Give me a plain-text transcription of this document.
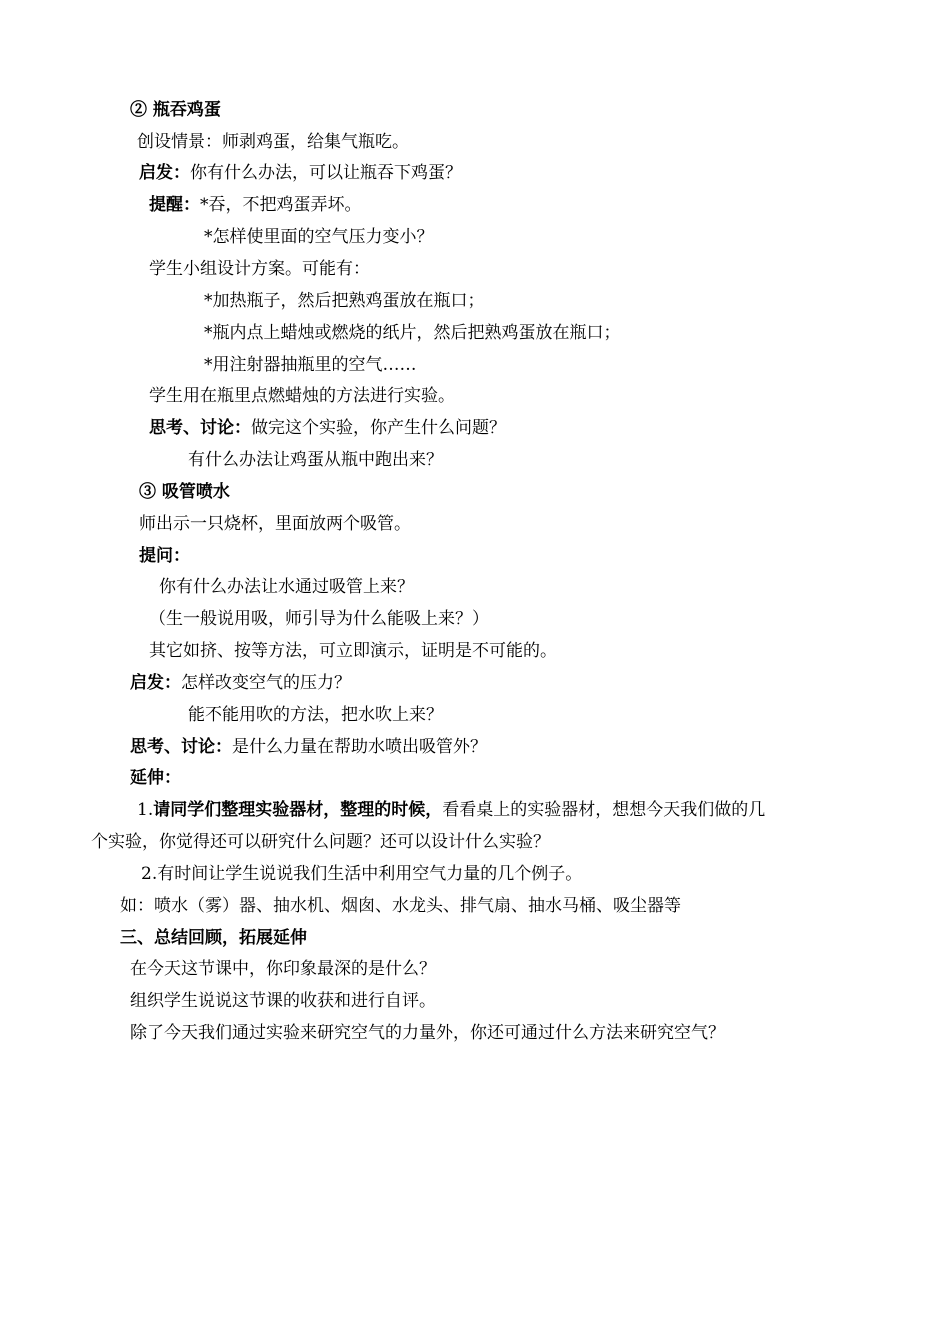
② 瓶吞鸡蛋
创设情景：师剥鸡蛋，给集气瓶吃。
启发：你有什么办法，可以让瓶吞下鸡蛋？
提醒：*吞，不把鸡蛋弄坏。
*怎样使里面的空气压力变小？
学生小组设计方案。可能有：
*加热瓶子，然后把熟鸡蛋放在瓶口；
*瓶内点上蜡烛或燃烧的纸片，然后把熟鸡蛋放在瓶口；
*用注射器抽瓶里的空气……
学生用在瓶里点燃蜡烛的方法进行实验。
思考、讨论：做完这个实验，你产生什么问题？
有什么办法让鸡蛋从瓶中跑出来？
③ 吸管喷水
师出示一只烧杯，里面放两个吸管。
提问：
你有什么办法让水通过吸管上来？
（生一般说用吸，师引导为什么能吸上来？）
其它如挤、按等方法，可立即演示，证明是不可能的。
启发：怎样改变空气的压力？
能不能用吹的方法，把水吹上来？
思考、讨论：是什么力量在帮助水喷出吸管外？
延伸：
1.请同学们整理实验器材，整理的时候，看看桌上的实验器材，想想今天我们做的几
个实验，你觉得还可以研究什么问题？还可以设计什么实验？
2.有时间让学生说说我们生活中利用空气力量的几个例子。
如：喷水（雾）器、抽水机、烟囱、水龙头、排气扇、抽水马桶、吸尘器等
三、总结回顾，拓展延伸
在今天这节课中，你印象最深的是什么？
组织学生说说这节课的收获和进行自评。
除了今天我们通过实验来研究空气的力量外，你还可通过什么方法来研究空气？
